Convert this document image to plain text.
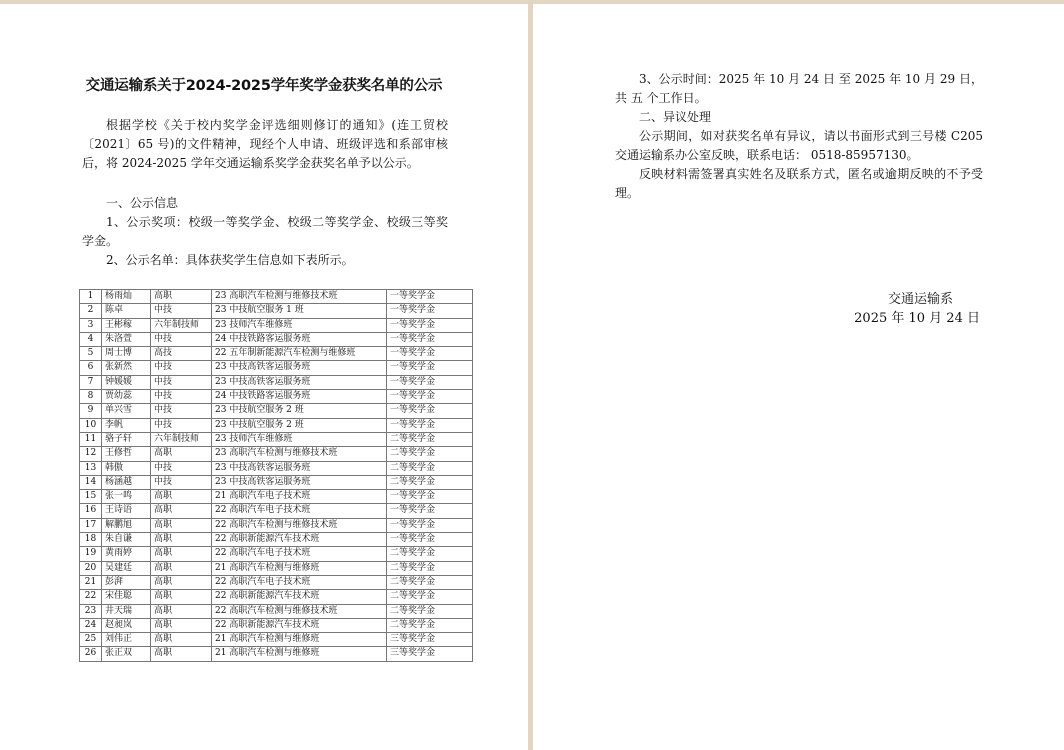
交通运输系关于2024-2025学年奖学金获奖名单的公示

根据学校《关于校内奖学金评选细则修订的通知》(连工贸校〔2021〕65 号)的文件精神，现经个人申请、班级评选和系部审核后，将 2024-2025 学年交通运输系奖学金获奖名单予以公示。

一、公示信息

1、公示奖项：校级一等奖学金、校级二等奖学金、校级三等奖学金。

2、公示名单：具体获奖学生信息如下表所示。

1	杨雨灿	高职	23 高职汽车检测与维修技术班	一等奖学金
2	陈卓	中技	23 中技航空服务 1 班	一等奖学金
3	王彬稼	六年制技师	23 技师汽车维修班	一等奖学金
4	朱洛萱	中技	24 中技铁路客运服务班	一等奖学金
5	周士博	高技	22 五年制新能源汽车检测与维修班	一等奖学金
6	张新然	中技	23 中技高铁客运服务班	一等奖学金
7	钟媛媛	中技	23 中技高铁客运服务班	一等奖学金
8	贾幼蕊	中技	24 中技铁路客运服务班	一等奖学金
9	单兴雪	中技	23 中技航空服务 2 班	一等奖学金
10	李帆	中技	23 中技航空服务 2 班	一等奖学金
11	骆子轩	六年制技师	23 技师汽车维修班	二等奖学金
12	王修哲	高职	23 高职汽车检测与维修技术班	二等奖学金
13	韩傲	中技	23 中技高铁客运服务班	二等奖学金
14	杨涵越	中技	23 中技高铁客运服务班	二等奖学金
15	张一鸣	高职	21 高职汽车电子技术班	一等奖学金
16	王诗语	高职	22 高职汽车电子技术班	一等奖学金
17	解鹏旭	高职	22 高职汽车检测与维修技术班	一等奖学金
18	朱自谦	高职	22 高职新能源汽车技术班	一等奖学金
19	黄雨婷	高职	22 高职汽车电子技术班	二等奖学金
20	吴建廷	高职	21 高职汽车检测与维修班	二等奖学金
21	彭湃	高职	22 高职汽车电子技术班	二等奖学金
22	宋佳聪	高职	22 高职新能源汽车技术班	二等奖学金
23	井天瑞	高职	22 高职汽车检测与维修技术班	二等奖学金
24	赵昶岚	高职	22 高职新能源汽车技术班	二等奖学金
25	刘伟正	高职	21 高职汽车检测与维修班	三等奖学金
26	张正双	高职	21 高职汽车检测与维修班	三等奖学金

3、公示时间：2025 年 10 月 24 日 至 2025 年 10 月 29 日，共 五 个工作日。

二、异议处理

公示期间，如对获奖名单有异议，请以书面形式到三号楼 C205 交通运输系办公室反映，联系电话： 0518-85957130。

反映材料需签署真实姓名及联系方式，匿名或逾期反映的不予受理。

交通运输系
2025 年 10 月 24 日
